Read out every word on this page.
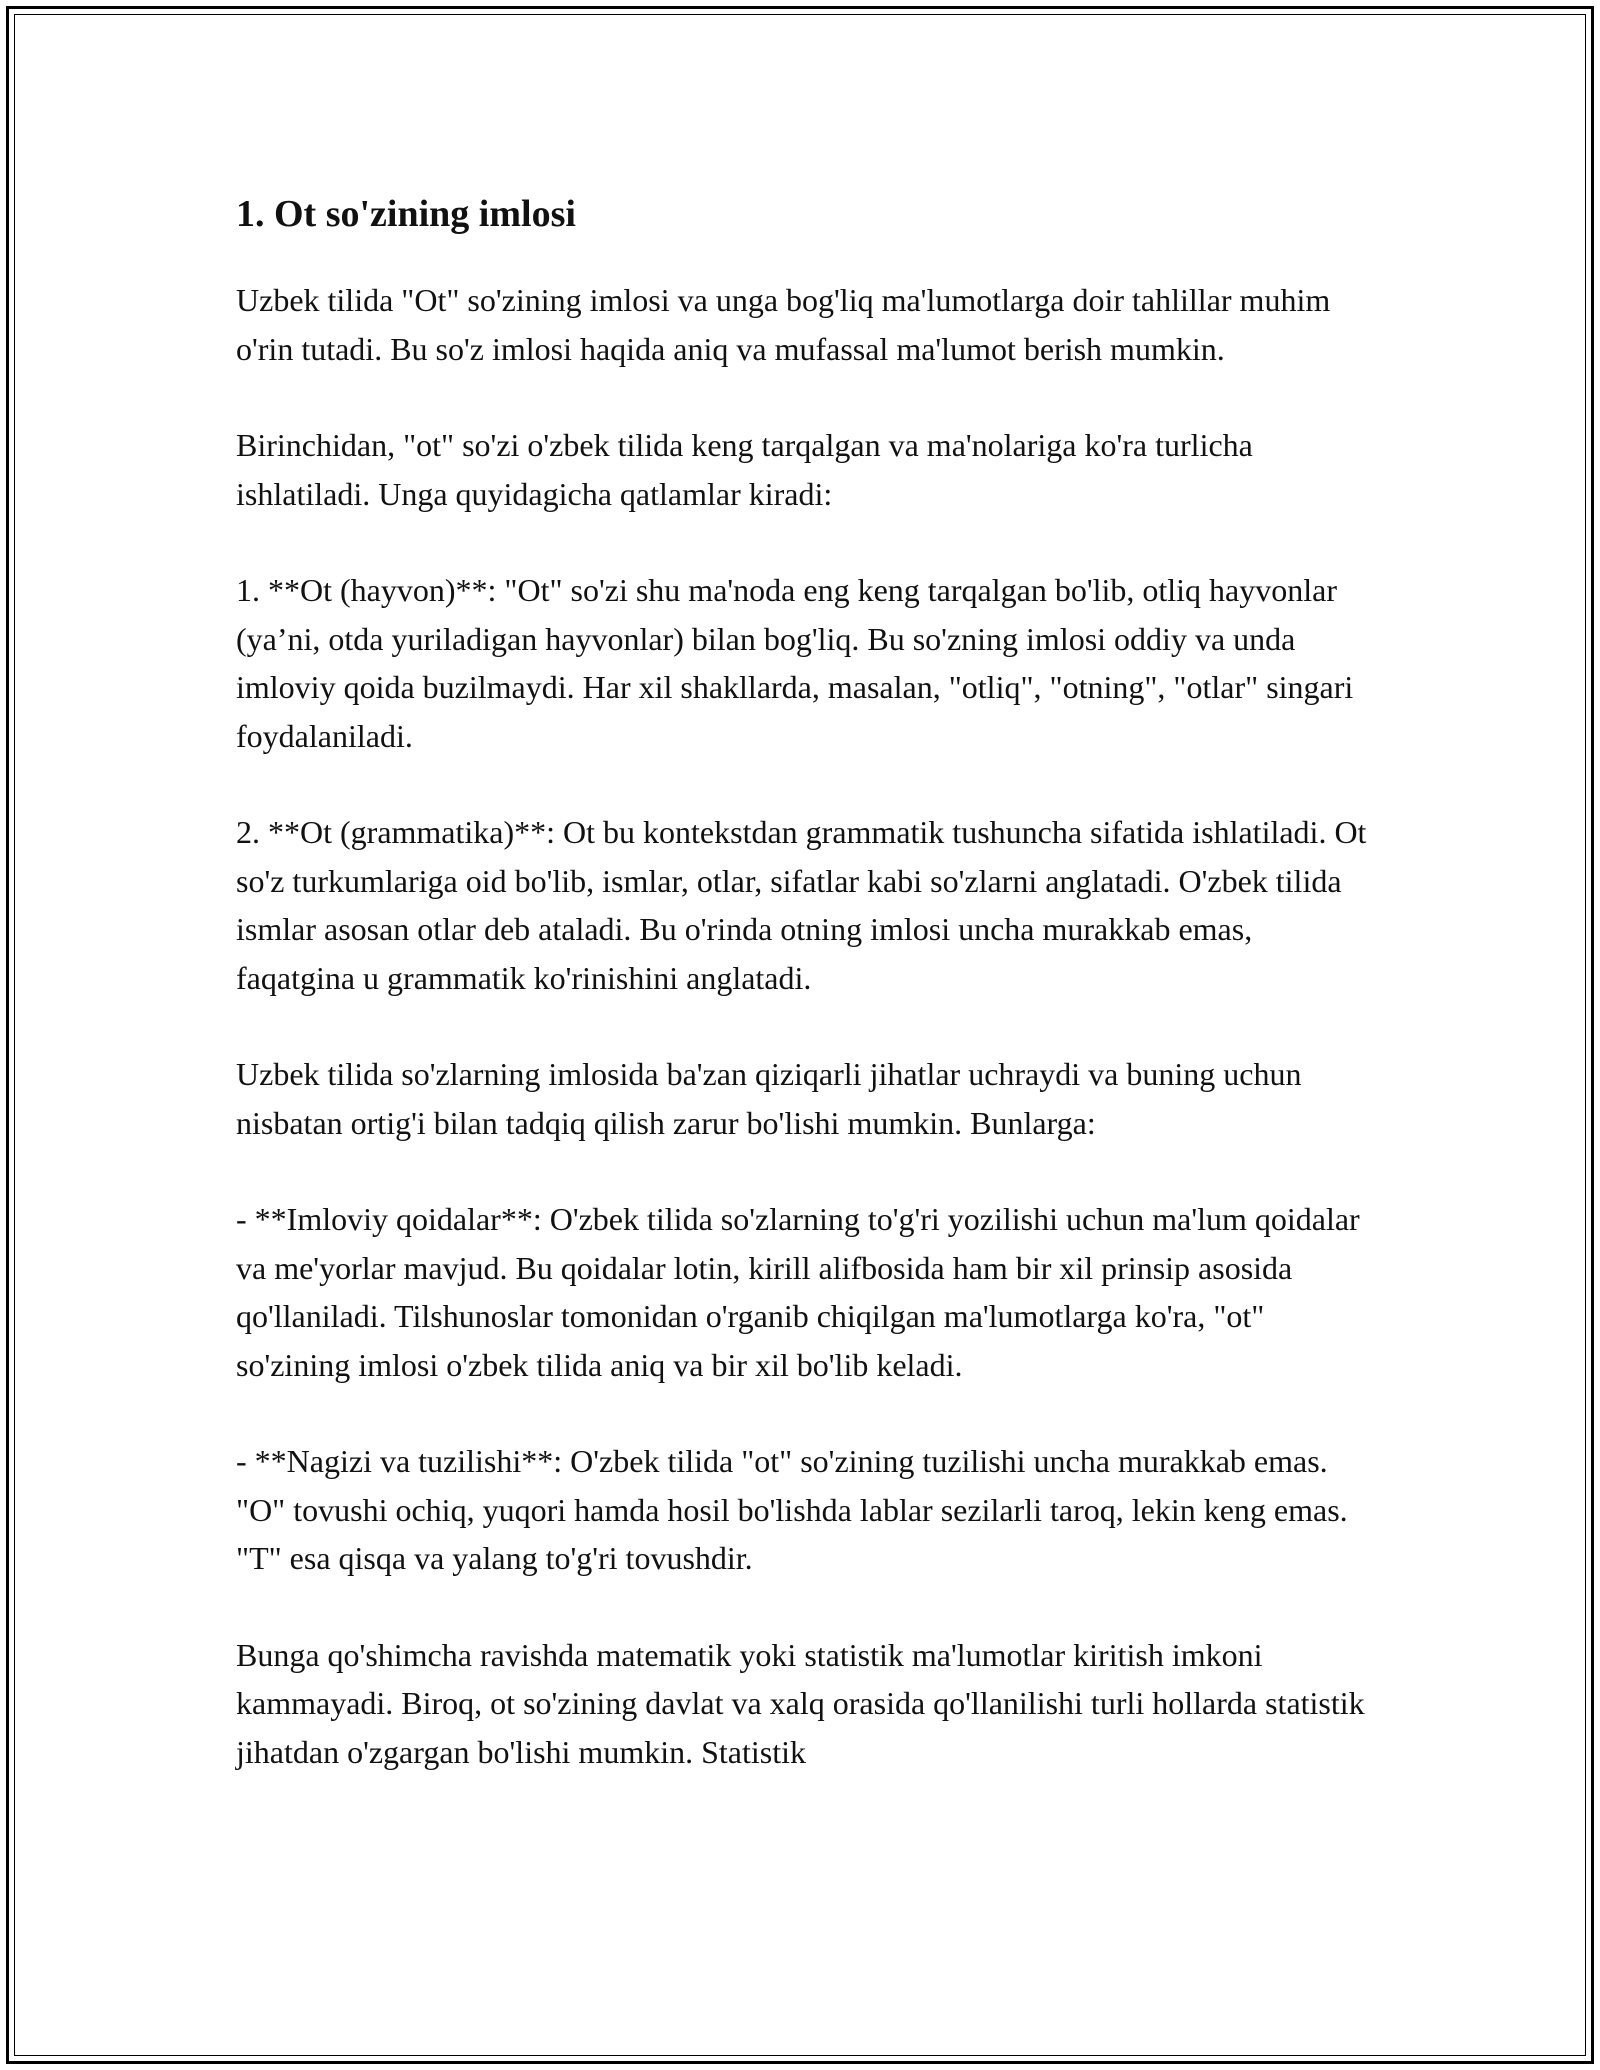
1. Ot so'zining imlosi

Uzbek tilida "Ot" so'zining imlosi va unga bog'liq ma'lumotlarga doir tahlillar muhim o'rin tutadi. Bu so'z imlosi haqida aniq va mufassal ma'lumot berish mumkin.

Birinchidan, "ot" so'zi o'zbek tilida keng tarqalgan va ma'nolariga ko'ra turlicha ishlatiladi. Unga quyidagicha qatlamlar kiradi:

1. **Ot (hayvon)**: "Ot" so'zi shu ma'noda eng keng tarqalgan bo'lib, otliq hayvonlar (ya’ni, otda yuriladigan hayvonlar) bilan bog'liq. Bu so'zning imlosi oddiy va unda imloviy qoida buzilmaydi. Har xil shakllarda, masalan, "otliq", "otning", "otlar" singari foydalaniladi.

2. **Ot (grammatika)**: Ot bu kontekstdan grammatik tushuncha sifatida ishlatiladi. Ot so'z turkumlariga oid bo'lib, ismlar, otlar, sifatlar kabi so'zlarni anglatadi. O'zbek tilida ismlar asosan otlar deb ataladi. Bu o'rinda otning imlosi uncha murakkab emas, faqatgina u grammatik ko'rinishini anglatadi.

Uzbek tilida so'zlarning imlosida ba'zan qiziqarli jihatlar uchraydi va buning uchun nisbatan ortig'i bilan tadqiq qilish zarur bo'lishi mumkin. Bunlarga:

- **Imloviy qoidalar**: O'zbek tilida so'zlarning to'g'ri yozilishi uchun ma'lum qoidalar va me'yorlar mavjud. Bu qoidalar lotin, kirill alifbosida ham bir xil prinsip asosida qo'llaniladi. Tilshunoslar tomonidan o'rganib chiqilgan ma'lumotlarga ko'ra, "ot" so'zining imlosi o'zbek tilida aniq va bir xil bo'lib keladi.

- **Nagizi va tuzilishi**: O'zbek tilida "ot" so'zining tuzilishi uncha murakkab emas. "O" tovushi ochiq, yuqori hamda hosil bo'lishda lablar sezilarli taroq, lekin keng emas. "T" esa qisqa va yalang to'g'ri tovushdir.

Bunga qo'shimcha ravishda matematik yoki statistik ma'lumotlar kiritish imkoni kammayadi. Biroq, ot so'zining davlat va xalq orasida qo'llanilishi turli hollarda statistik jihatdan o'zgargan bo'lishi mumkin. Statistik
